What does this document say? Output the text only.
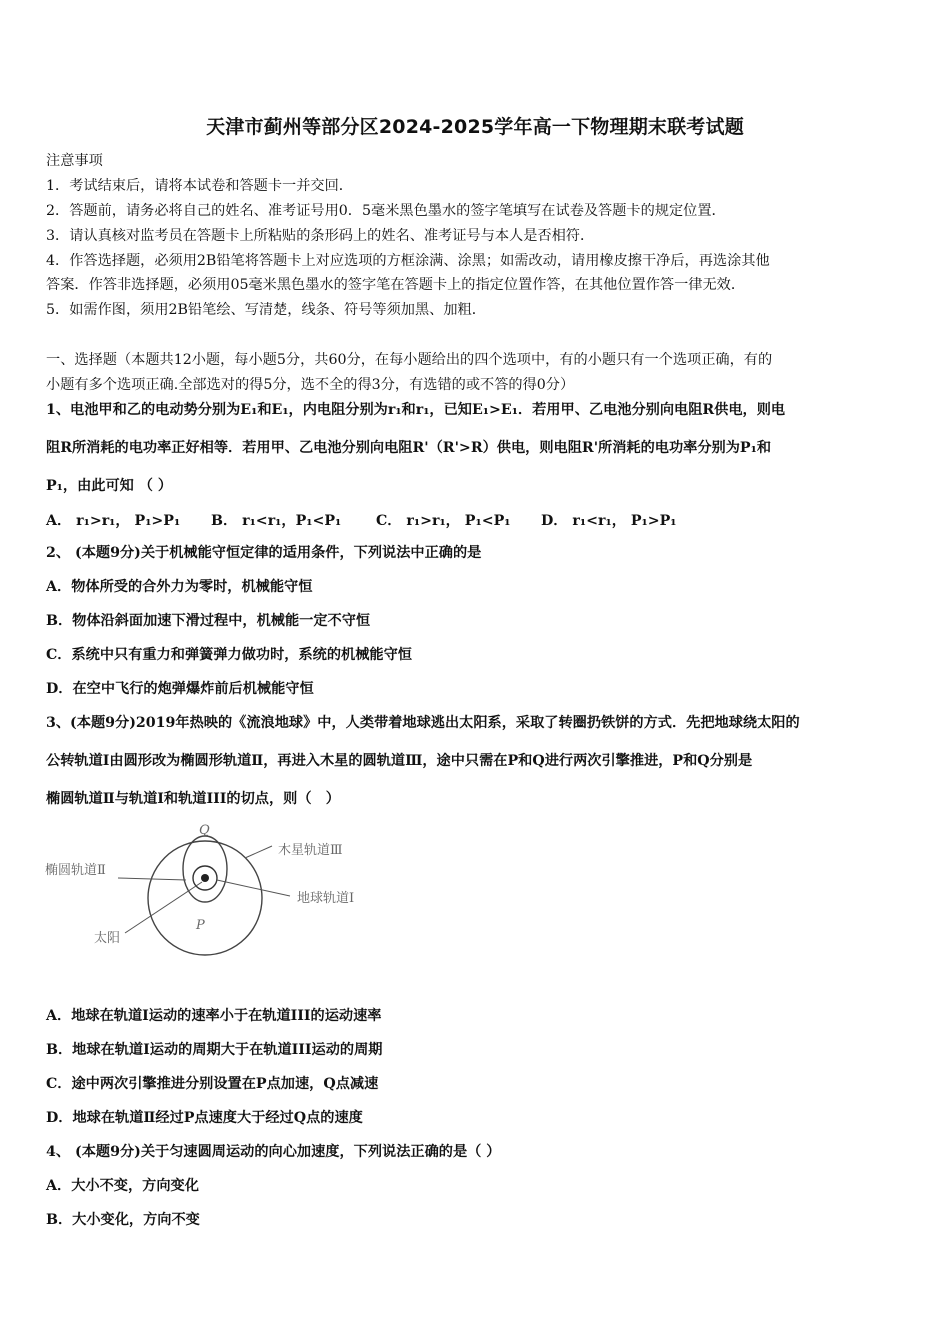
天津市蓟州等部分区2024-2025学年高一下物理期末联考试题
注意事项
1．考试结束后，请将本试卷和答题卡一并交回．
2．答题前，请务必将自己的姓名、准考证号用0．5毫米黑色墨水的签字笔填写在试卷及答题卡的规定位置．
3．请认真核对监考员在答题卡上所粘贴的条形码上的姓名、准考证号与本人是否相符．
4．作答选择题，必须用2B铅笔将答题卡上对应选项的方框涂满、涂黑；如需改动，请用橡皮擦干净后，再选涂其他
答案．作答非选择题，必须用05毫米黑色墨水的签字笔在答题卡上的指定位置作答，在其他位置作答一律无效．
5．如需作图，须用2B铅笔绘、写清楚，线条、符号等须加黑、加粗．
一、选择题（本题共12小题，每小题5分，共60分，在每小题给出的四个选项中，有的小题只有一个选项正确，有的
小题有多个选项正确.全部选对的得5分，选不全的得3分，有选错的或不答的得0分）
1、电池甲和乙的电动势分别为E₁和E₁，内电阻分别为r₁和r₁，已知E₁>E₁．若用甲、乙电池分别向电阻R供电，则电
阻R所消耗的电功率正好相等．若用甲、乙电池分别向电阻R'（R'>R）供电，则电阻R'所消耗的电功率分别为P₁和
P₁，由此可知 （ ）
A． r₁>r₁， P₁>P₁ B． r₁<r₁，P₁<P₁ C． r₁>r₁， P₁<P₁ D． r₁<r₁， P₁>P₁
2、 (本题9分)关于机械能守恒定律的适用条件，下列说法中正确的是
A．物体所受的合外力为零时，机械能守恒
B．物体沿斜面加速下滑过程中，机械能一定不守恒
C．系统中只有重力和弹簧弹力做功时，系统的机械能守恒
D．在空中飞行的炮弹爆炸前后机械能守恒
3、(本题9分)2019年热映的《流浪地球》中，人类带着地球逃出太阳系，采取了转圈扔铁饼的方式．先把地球绕太阳的
公转轨道I由圆形改为椭圆形轨道Ⅱ，再进入木星的圆轨道Ⅲ，途中只需在P和Q进行两次引擎推进，P和Q分别是
椭圆轨道Ⅱ与轨道I和轨道III的切点，则（　）
Q
P
椭圆轨道Ⅱ
木星轨道Ⅲ
地球轨道Ⅰ
太阳
A．地球在轨道I运动的速率小于在轨道III的运动速率
B．地球在轨道I运动的周期大于在轨道III运动的周期
C．途中两次引擎推进分别设置在P点加速，Q点减速
D．地球在轨道Ⅱ经过P点速度大于经过Q点的速度
4、 (本题9分)关于匀速圆周运动的向心加速度，下列说法正确的是（ ）
A．大小不变，方向变化
B．大小变化，方向不变
